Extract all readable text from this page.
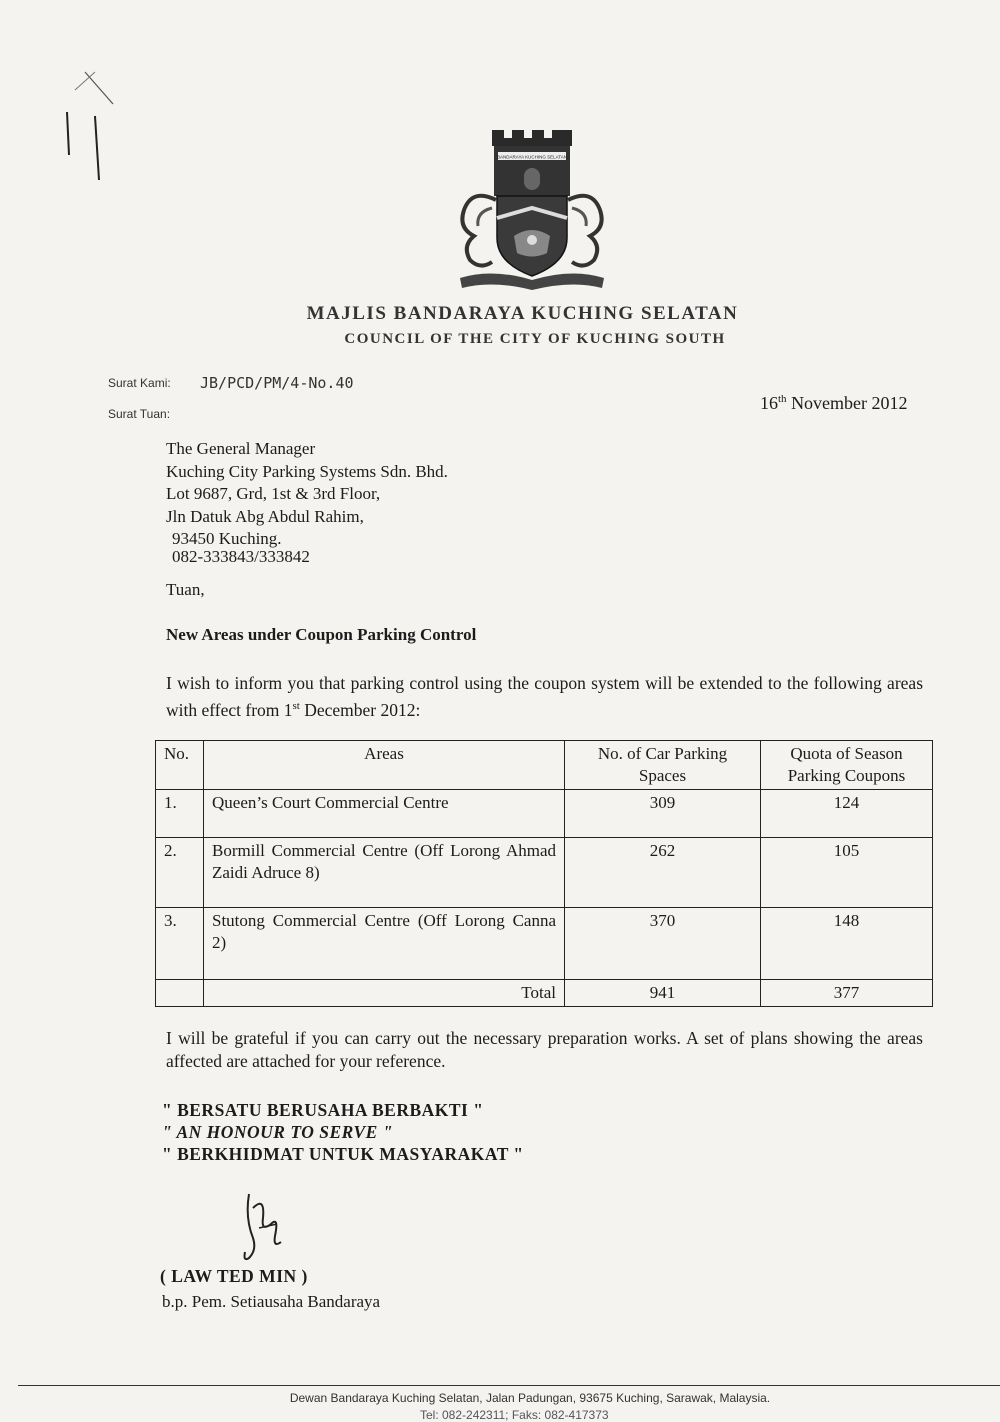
BANDARAYA KUCHING SELATAN
MAJLIS BANDARAYA KUCHING SELATAN
COUNCIL OF THE CITY OF KUCHING SOUTH
Surat Kami: JB/PCD/PM/4-No.40
Surat Tuan:
16th November 2012
The General Manager
Kuching City Parking Systems Sdn. Bhd.
Lot 9687, Grd, 1st & 3rd Floor,
Jln Datuk Abg Abdul Rahim,
93450 Kuching.
082-333843/333842
Tuan,
New Areas under Coupon Parking Control
I wish to inform you that parking control using the coupon system will be extended to the following areas with effect from 1st December 2012:
No.	Areas	No. of Car Parking Spaces	Quota of Season Parking Coupons
1.	Queen’s Court Commercial Centre	309	124
2.	Bormill Commercial Centre (Off Lorong Ahmad Zaidi Adruce 8)	262	105
3.	Stutong Commercial Centre (Off Lorong Canna 2)	370	148
	Total	941	377
I will be grateful if you can carry out the necessary preparation works. A set of plans showing the areas affected are attached for your reference.
" BERSATU BERUSAHA BERBAKTI "
" AN HONOUR TO SERVE "
" BERKHIDMAT UNTUK MASYARAKAT "
( LAW TED MIN )
b.p. Pem. Setiausaha Bandaraya
Dewan Bandaraya Kuching Selatan, Jalan Padungan, 93675 Kuching, Sarawak, Malaysia.
Tel: 082-242311; Faks: 082-417373
